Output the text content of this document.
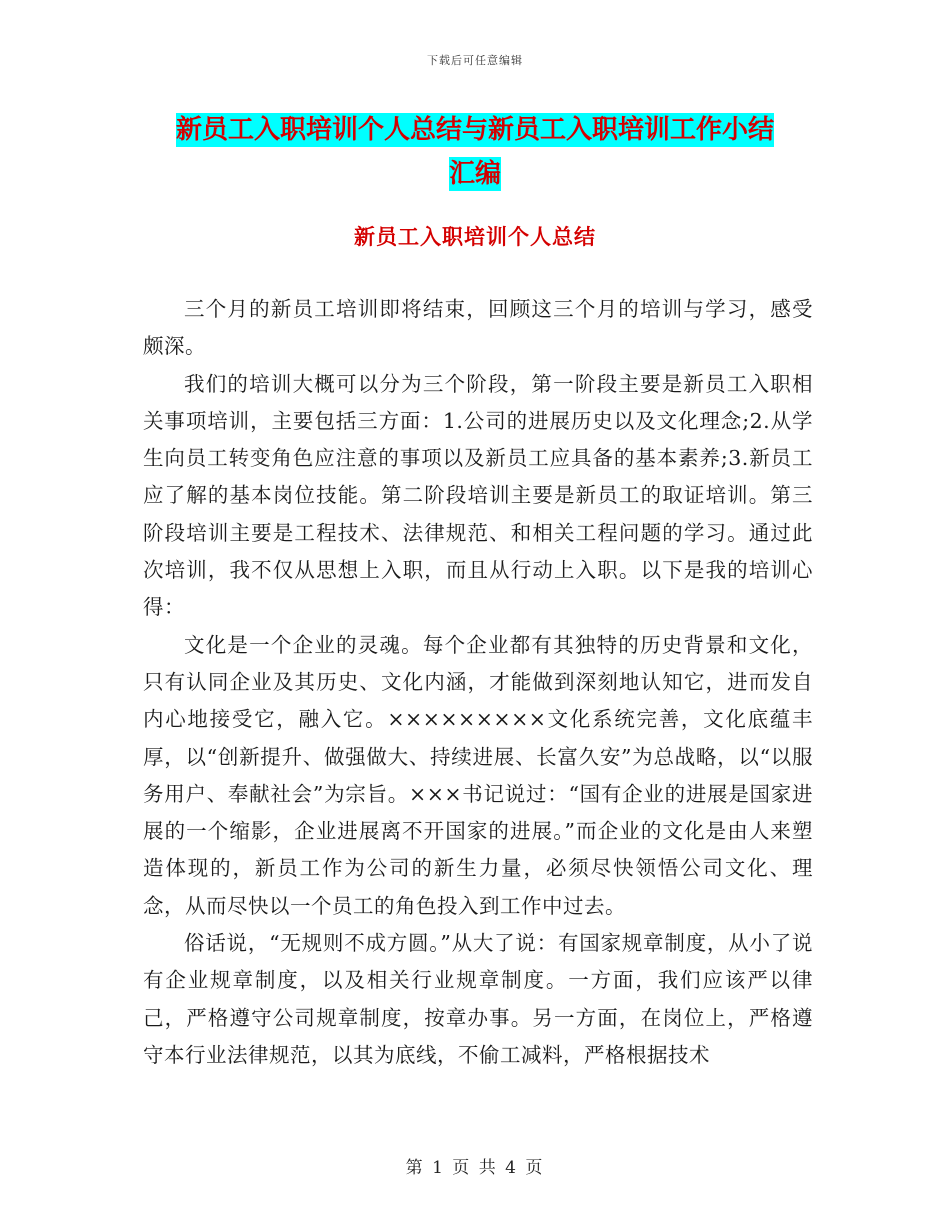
下载后可任意编辑
新员工入职培训个人总结与新员工入职培训工作小结
汇编
新员工入职培训个人总结

三个月的新员工培训即将结束，回顾这三个月的培训与学习，感受颇深。

我们的培训大概可以分为三个阶段，第一阶段主要是新员工入职相关事项培训，主要包括三方面：1.公司的进展历史以及文化理念;2.从学生向员工转变角色应注意的事项以及新员工应具备的基本素养;3.新员工应了解的基本岗位技能。第二阶段培训主要是新员工的取证培训。第三阶段培训主要是工程技术、法律规范、和相关工程问题的学习。通过此次培训，我不仅从思想上入职，而且从行动上入职。以下是我的培训心得：

文化是一个企业的灵魂。每个企业都有其独特的历史背景和文化，只有认同企业及其历史、文化内涵，才能做到深刻地认知它，进而发自内心地接受它，融入它。×××××××××文化系统完善，文化底蕴丰厚，以“创新提升、做强做大、持续进展、长富久安”为总战略，以“以服务用户、奉献社会”为宗旨。×××书记说过：“国有企业的进展是国家进展的一个缩影，企业进展离不开国家的进展。”而企业的文化是由人来塑造体现的，新员工作为公司的新生力量，必须尽快领悟公司文化、理念，从而尽快以一个员工的角色投入到工作中过去。

俗话说，“无规则不成方圆。”从大了说：有国家规章制度，从小了说有企业规章制度，以及相关行业规章制度。一方面，我们应该严以律己，严格遵守公司规章制度，按章办事。另一方面，在岗位上，严格遵守本行业法律规范，以其为底线，不偷工减料，严格根据技术

第 1 页 共 4 页
